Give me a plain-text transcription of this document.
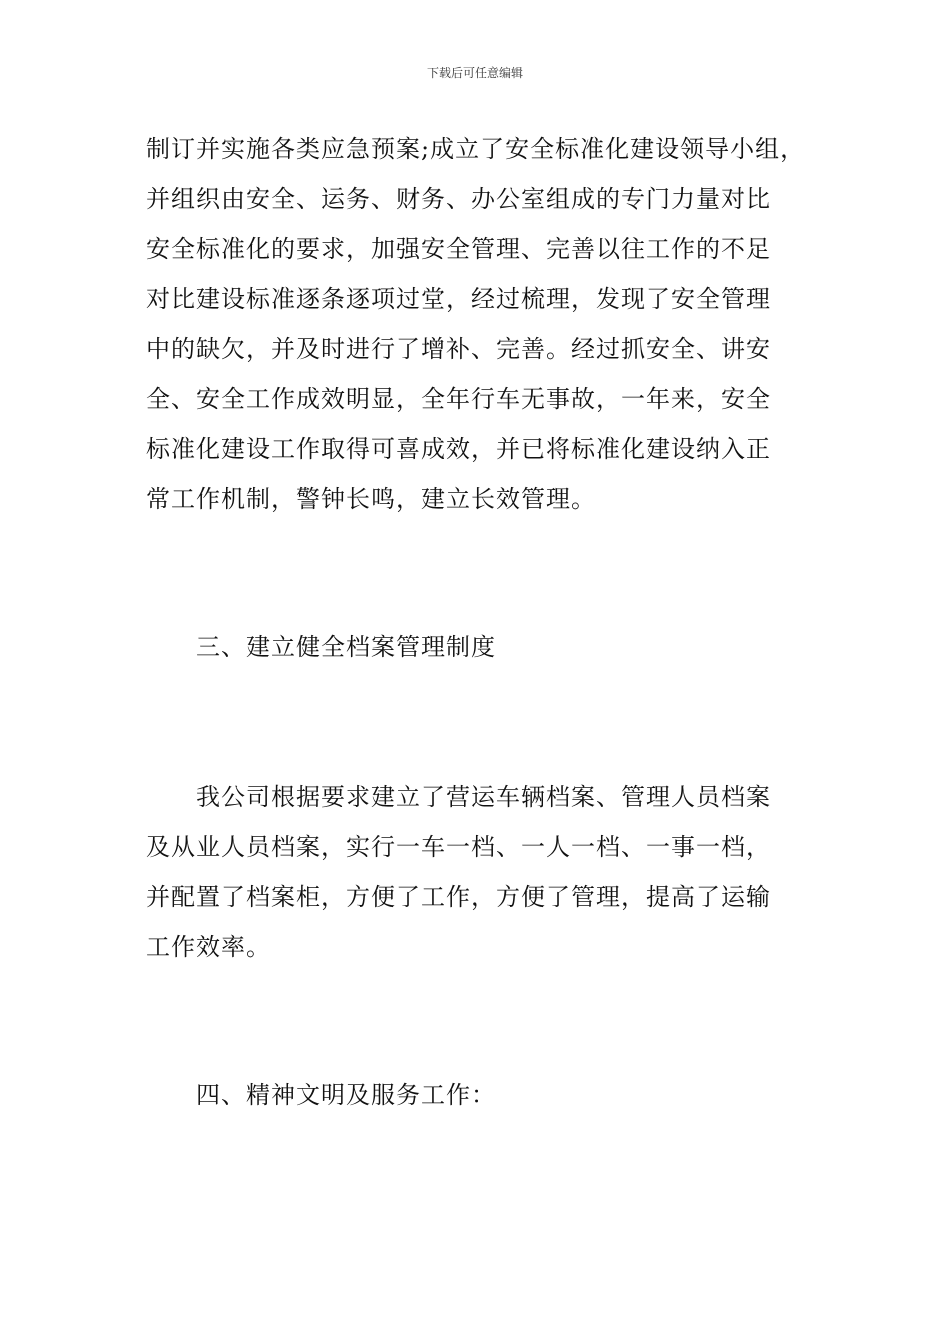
下载后可任意编辑
制订并实施各类应急预案;成立了安全标准化建设领导小组，
并组织由安全、运务、财务、办公室组成的专门力量对比
安全标准化的要求，加强安全管理、完善以往工作的不足
对比建设标准逐条逐项过堂，经过梳理，发现了安全管理
中的缺欠，并及时进行了增补、完善。经过抓安全、讲安
全、安全工作成效明显，全年行车无事故，一年来，安全
标准化建设工作取得可喜成效，并已将标准化建设纳入正
常工作机制，警钟长鸣，建立长效管理。
三、建立健全档案管理制度
我公司根据要求建立了营运车辆档案、管理人员档案
及从业人员档案，实行一车一档、一人一档、一事一档，
并配置了档案柜，方便了工作，方便了管理，提高了运输
工作效率。
四、精神文明及服务工作：
